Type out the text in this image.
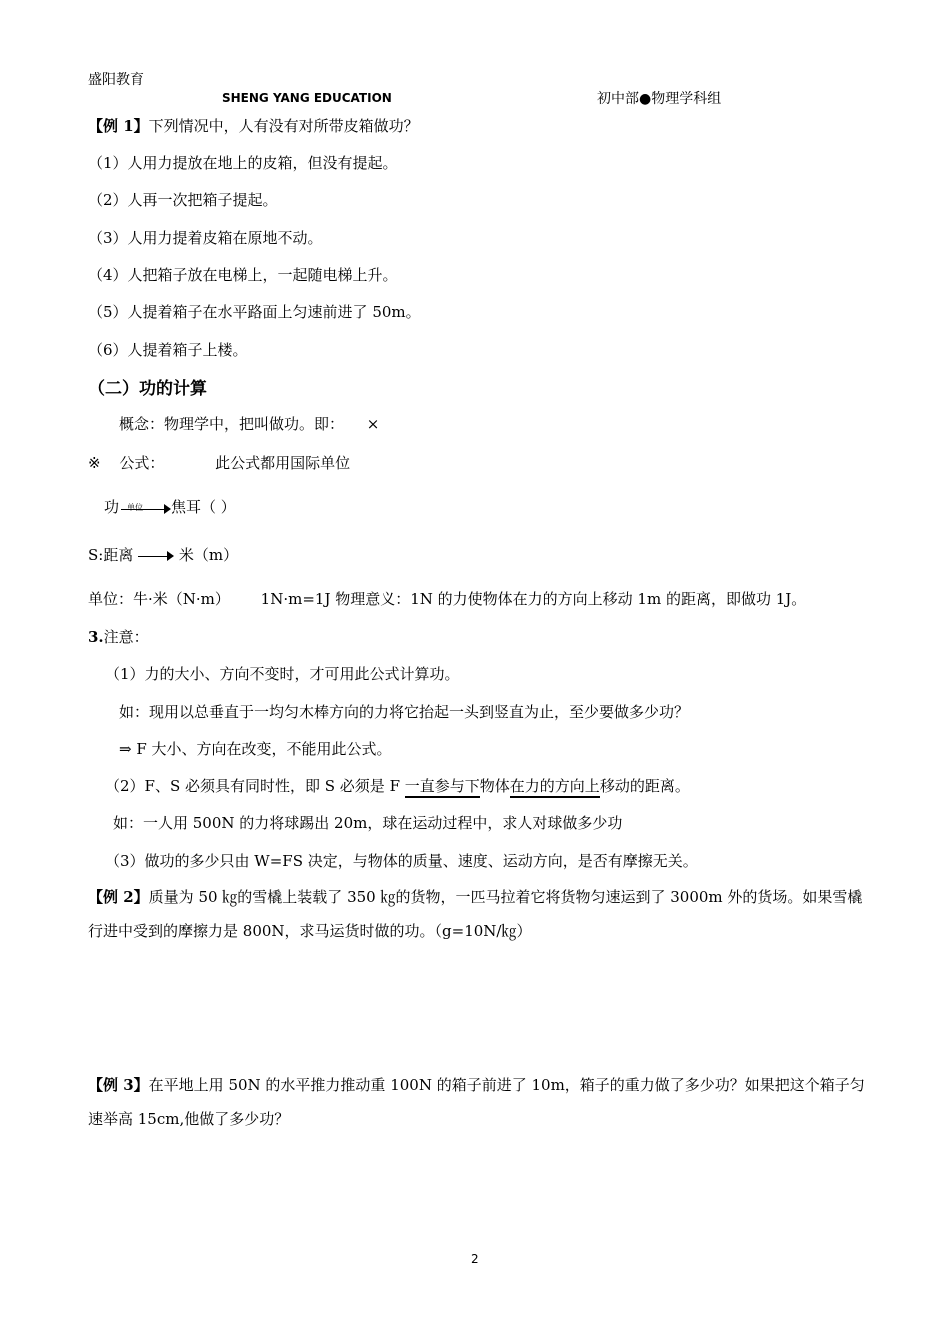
盛阳教育
SHENG YANG EDUCATION	初中部●物理学科组
【例 1】下列情况中，人有没有对所带皮箱做功？
（1）人用力提放在地上的皮箱，但没有提起。
（2）人再一次把箱子提起。
（3）人用力提着皮箱在原地不动。
（4）人把箱子放在电梯上，一起随电梯上升。
（5）人提着箱子在水平路面上匀速前进了 50m。
（6）人提着箱子上楼。
（二）功的计算
概念：物理学中，把叫做功。即： ×
※ 公式：	此公式都用国际单位
功 单位 焦耳（ ）
S:距离	米（m）
单位：牛·米（N·m） 1N·m=1J 物理意义：1N 的力使物体在力的方向上移动 1m 的距离，即做功 1J。
3.注意：
（1）力的大小、方向不变时，才可用此公式计算功。
如：现用以总垂直于一均匀木棒方向的力将它抬起一头到竖直为止，至少要做多少功？
⇒ F 大小、方向在改变，不能用此公式。
（2）F、S 必须具有同时性，即 S 必须是 F 一直参与下物体在力的方向上移动的距离。
如：一人用 500N 的力将球踢出 20m，球在运动过程中，求人对球做多少功
（3）做功的多少只由 W=FS 决定，与物体的质量、速度、运动方向，是否有摩擦无关。
【例 2】质量为 50 ㎏的雪橇上装载了 350 ㎏的货物，一匹马拉着它将货物匀速运到了 3000m 外的货场。如果雪橇行进中受到的摩擦力是 800N，求马运货时做的功。（g=10N/㎏）
【例 3】在平地上用 50N 的水平推力推动重 100N 的箱子前进了 10m，箱子的重力做了多少功？如果把这个箱子匀速举高 15cm,他做了多少功？
2
